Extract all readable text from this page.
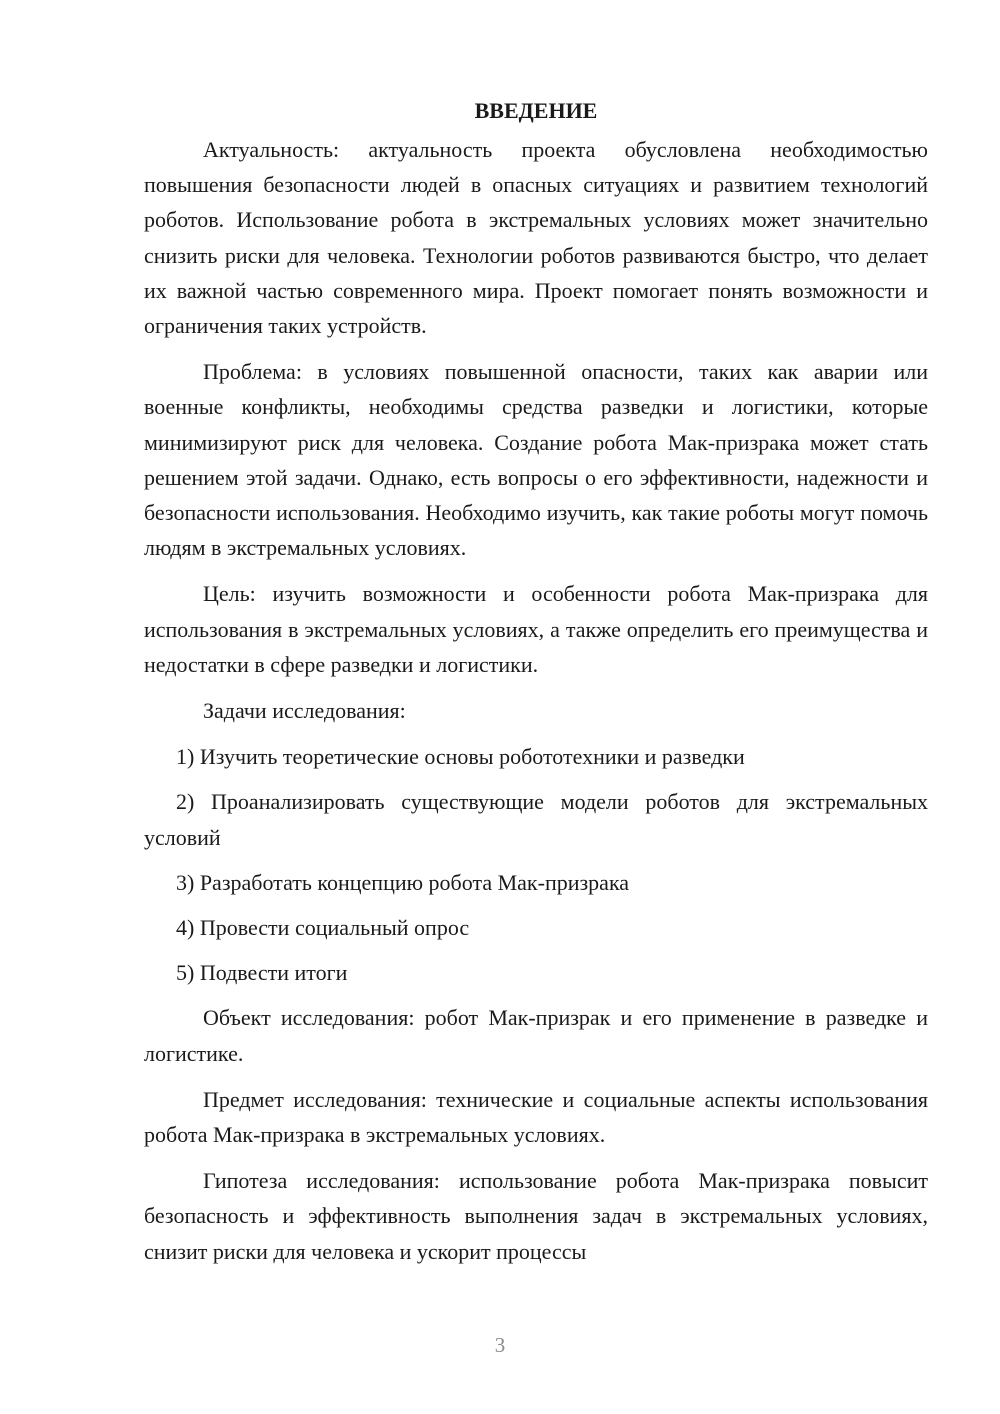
ВВЕДЕНИЕ

Актуальность: актуальность проекта обусловлена необходимостью повышения безопасности людей в опасных ситуациях и развитием технологий роботов. Использование робота в экстремальных условиях может значительно снизить риски для человека. Технологии роботов развиваются быстро, что делает их важной частью современного мира. Проект помогает понять возможности и ограничения таких устройств.

Проблема: в условиях повышенной опасности, таких как аварии или военные конфликты, необходимы средства разведки и логистики, которые минимизируют риск для человека. Создание робота Мак-призрака может стать решением этой задачи. Однако, есть вопросы о его эффективности, надежности и безопасности использования. Необходимо изучить, как такие роботы могут помочь людям в экстремальных условиях.

Цель: изучить возможности и особенности робота Мак-призрака для использования в экстремальных условиях, а также определить его преимущества и недостатки в сфере разведки и логистики.

Задачи исследования:

1) Изучить теоретические основы робототехники и разведки

2) Проанализировать существующие модели роботов для экстремальных условий

3) Разработать концепцию робота Мак-призрака

4) Провести социальный опрос

5) Подвести итоги

Объект исследования: робот Мак-призрак и его применение в разведке и логистике.

Предмет исследования: технические и социальные аспекты использования робота Мак-призрака в экстремальных условиях.

Гипотеза исследования: использование робота Мак-призрака повысит безопасность и эффективность выполнения задач в экстремальных условиях, снизит риски для человека и ускорит процессы

3
